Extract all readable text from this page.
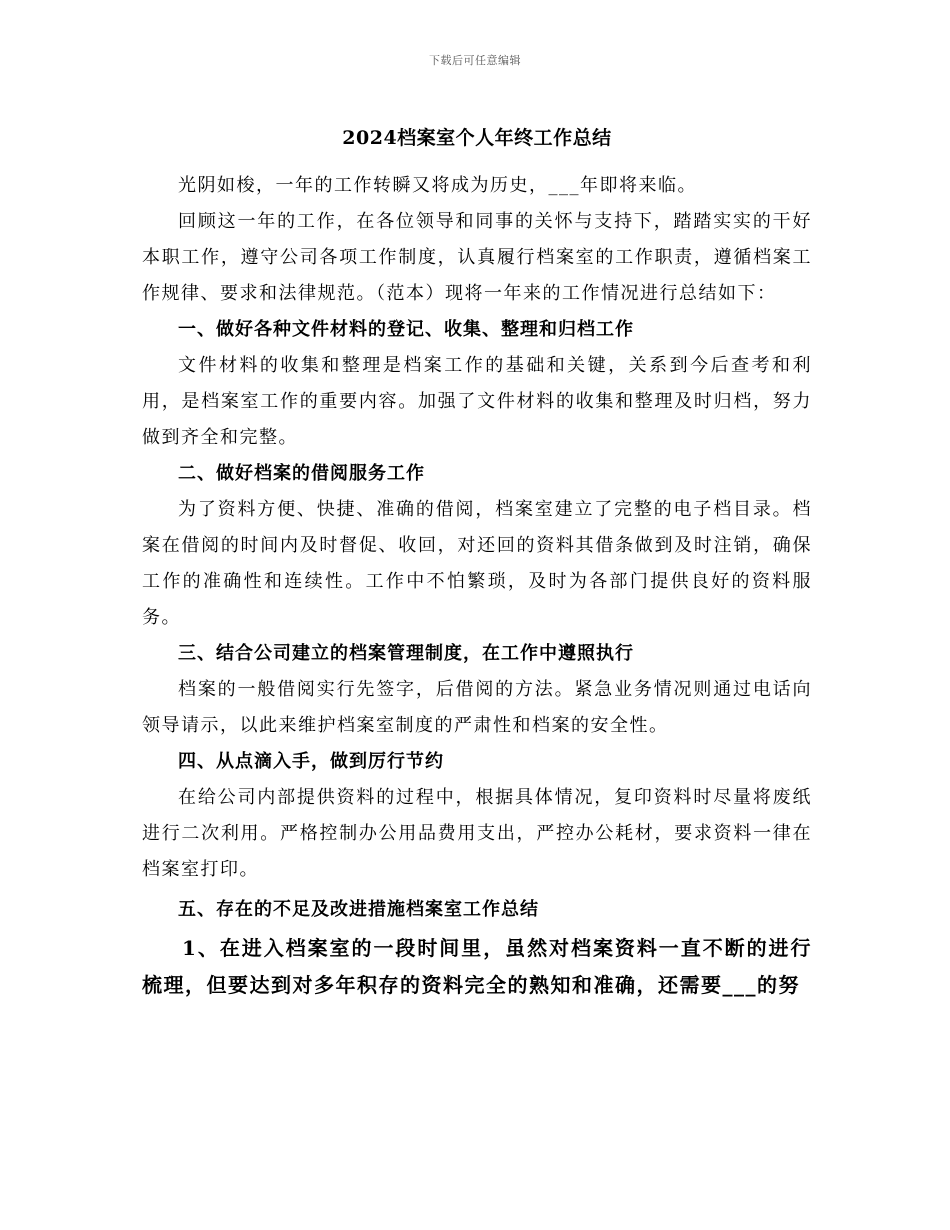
下载后可任意编辑
2024档案室个人年终工作总结

光阴如梭，一年的工作转瞬又将成为历史，___年即将来临。

回顾这一年的工作，在各位领导和同事的关怀与支持下，踏踏实实的干好本职工作，遵守公司各项工作制度，认真履行档案室的工作职责，遵循档案工作规律、要求和法律规范。（范本）现将一年来的工作情况进行总结如下：

一、做好各种文件材料的登记、收集、整理和归档工作

文件材料的收集和整理是档案工作的基础和关键，关系到今后查考和利用，是档案室工作的重要内容。加强了文件材料的收集和整理及时归档，努力做到齐全和完整。

二、做好档案的借阅服务工作

为了资料方便、快捷、准确的借阅，档案室建立了完整的电子档目录。档案在借阅的时间内及时督促、收回，对还回的资料其借条做到及时注销，确保工作的准确性和连续性。工作中不怕繁琐，及时为各部门提供良好的资料服务。

三、结合公司建立的档案管理制度，在工作中遵照执行

档案的一般借阅实行先签字，后借阅的方法。紧急业务情况则通过电话向领导请示，以此来维护档案室制度的严肃性和档案的安全性。

四、从点滴入手，做到厉行节约

在给公司内部提供资料的过程中，根据具体情况，复印资料时尽量将废纸进行二次利用。严格控制办公用品费用支出，严控办公耗材，要求资料一律在档案室打印。

五、存在的不足及改进措施档案室工作总结

1、在进入档案室的一段时间里，虽然对档案资料一直不断的进行梳理，但要达到对多年积存的资料完全的熟知和准确，还需要___的努
